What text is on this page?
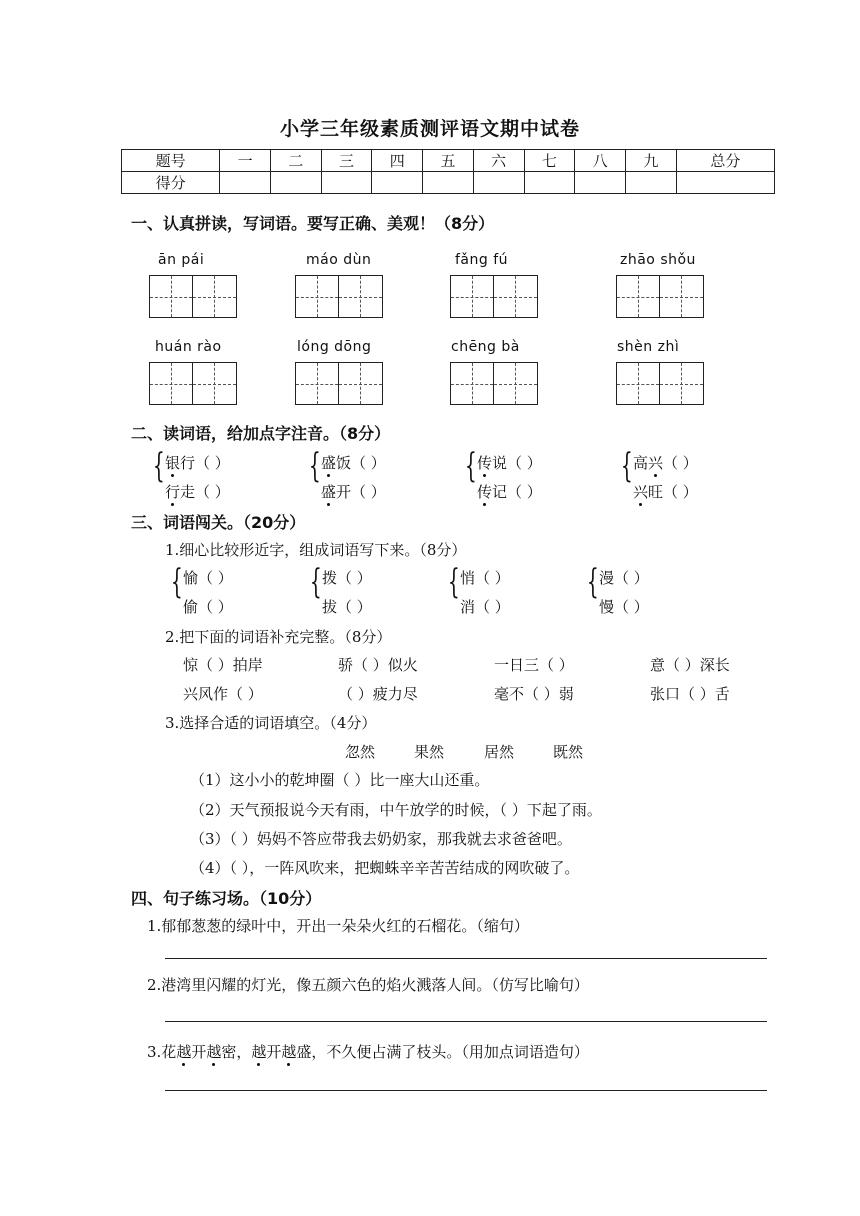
小学三年级素质测评语文期中试卷
题号	一	二	三	四	五	六	七	八	九	总分
得分										
一、认真拼读，写词语。要写正确、美观！（8分）
ān pái	máo dùn	fǎng fú	zhāo shǒu
huán rào	lóng dōng	chēng bà	shèn zhì
二、读词语，给加点字注音。（8分）
{ 银行（ ）
行走（ ）
{ 盛饭（ ）
盛开（ ）
{ 传说（ ）
传记（ ）
{ 高兴（ ）
兴旺（ ）
三、词语闯关。（20分）
1.细心比较形近字，组成词语写下来。（8分）
{ 愉（ ）
偷（ ）
{ 拨（ ）
拔（ ）
{ 悄（ ）
消（ ）
{ 漫（ ）
慢（ ）
2.把下面的词语补充完整。（8分）
惊（ ）拍岸	骄（ ）似火	一日三（ ）	意（ ）深长
兴风作（ ）	（ ）疲力尽	毫不（ ）弱	张口（ ）舌
3.选择合适的词语填空。（4分）
忽然	果然	居然	既然
（1）这小小的乾坤圈（ ）比一座大山还重。
（2）天气预报说今天有雨，中午放学的时候，（ ）下起了雨。
（3）（ ）妈妈不答应带我去奶奶家，那我就去求爸爸吧。
（4）（ ），一阵风吹来，把蜘蛛辛辛苦苦结成的网吹破了。
四、句子练习场。（10分）
1.郁郁葱葱的绿叶中，开出一朵朵火红的石榴花。（缩句）
2.港湾里闪耀的灯光，像五颜六色的焰火溅落人间。（仿写比喻句）
3.花越开越密，越开越盛，不久便占满了枝头。（用加点词语造句）
